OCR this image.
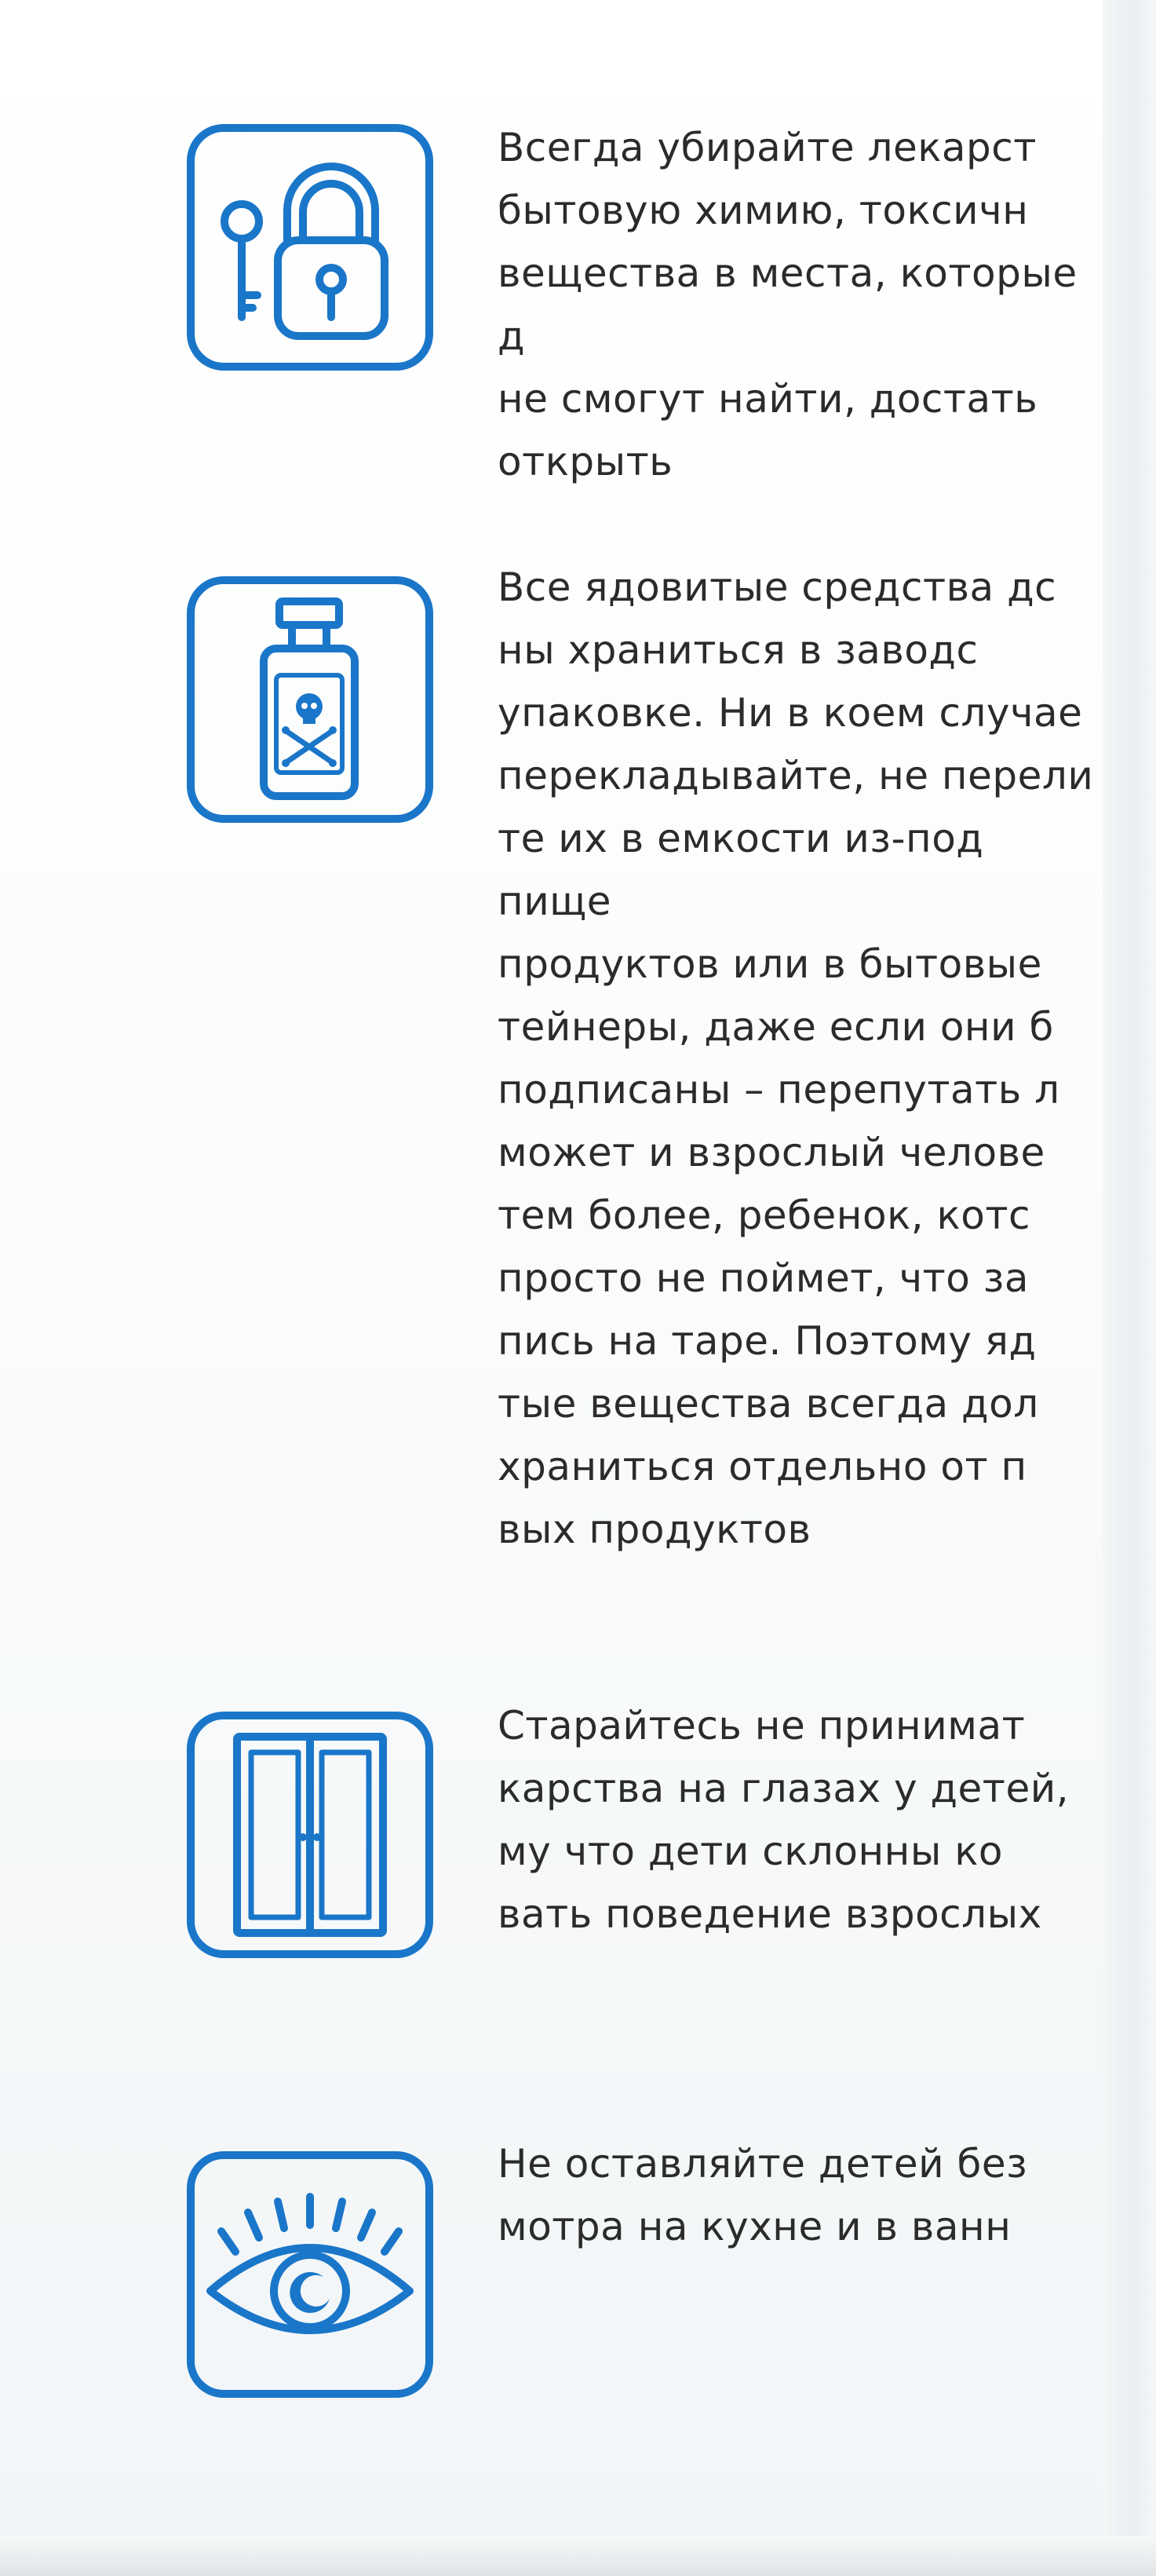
Всегда убирайте лекарст
бытовую химию, токсичн
вещества в места, которые д
не смогут найти, достать
открыть

Все ядовитые средства дс
ны храниться в заводс
упаковке. Ни в коем случае
перекладывайте, не перели
те их в емкости из-под пище
продуктов или в бытовые
тейнеры, даже если они б
подписаны – перепутать л
может и взрослый челове
тем более, ребенок, котс
просто не поймет, что за
пись на таре. Поэтому яд
тые вещества всегда дол
храниться отдельно от п
вых продуктов

Старайтесь не принимат
карства на глазах у детей,
му что дети склонны ко
вать поведение взрослых

Не оставляйте детей без
мотра на кухне и в ванн
